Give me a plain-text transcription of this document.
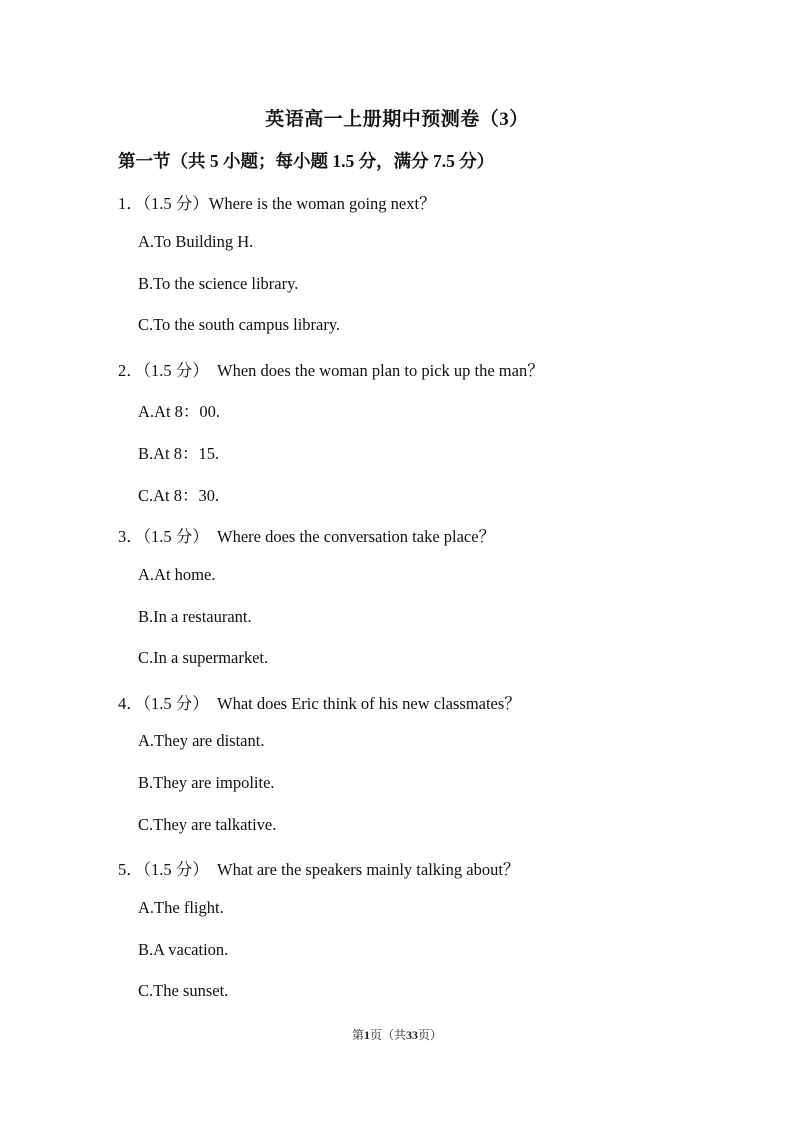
英语高一上册期中预测卷（3）
第一节（共 5 小题；每小题 1.5 分，满分 7.5 分）
1．（1.5 分）Where is the woman going next？
A.To Building H.
B.To the science library.
C.To the south campus library.
2．（1.5 分） When does the woman plan to pick up the man？
A.At 8：00.
B.At 8：15.
C.At 8：30.
3．（1.5 分） Where does the conversation take place？
A.At home.
B.In a restaurant.
C.In a supermarket.
4．（1.5 分） What does Eric think of his new classmates？
A.They are distant.
B.They are impolite.
C.They are talkative.
5．（1.5 分） What are the speakers mainly talking about？
A.The flight.
B.A vacation.
C.The sunset.
第1页（共33页）
